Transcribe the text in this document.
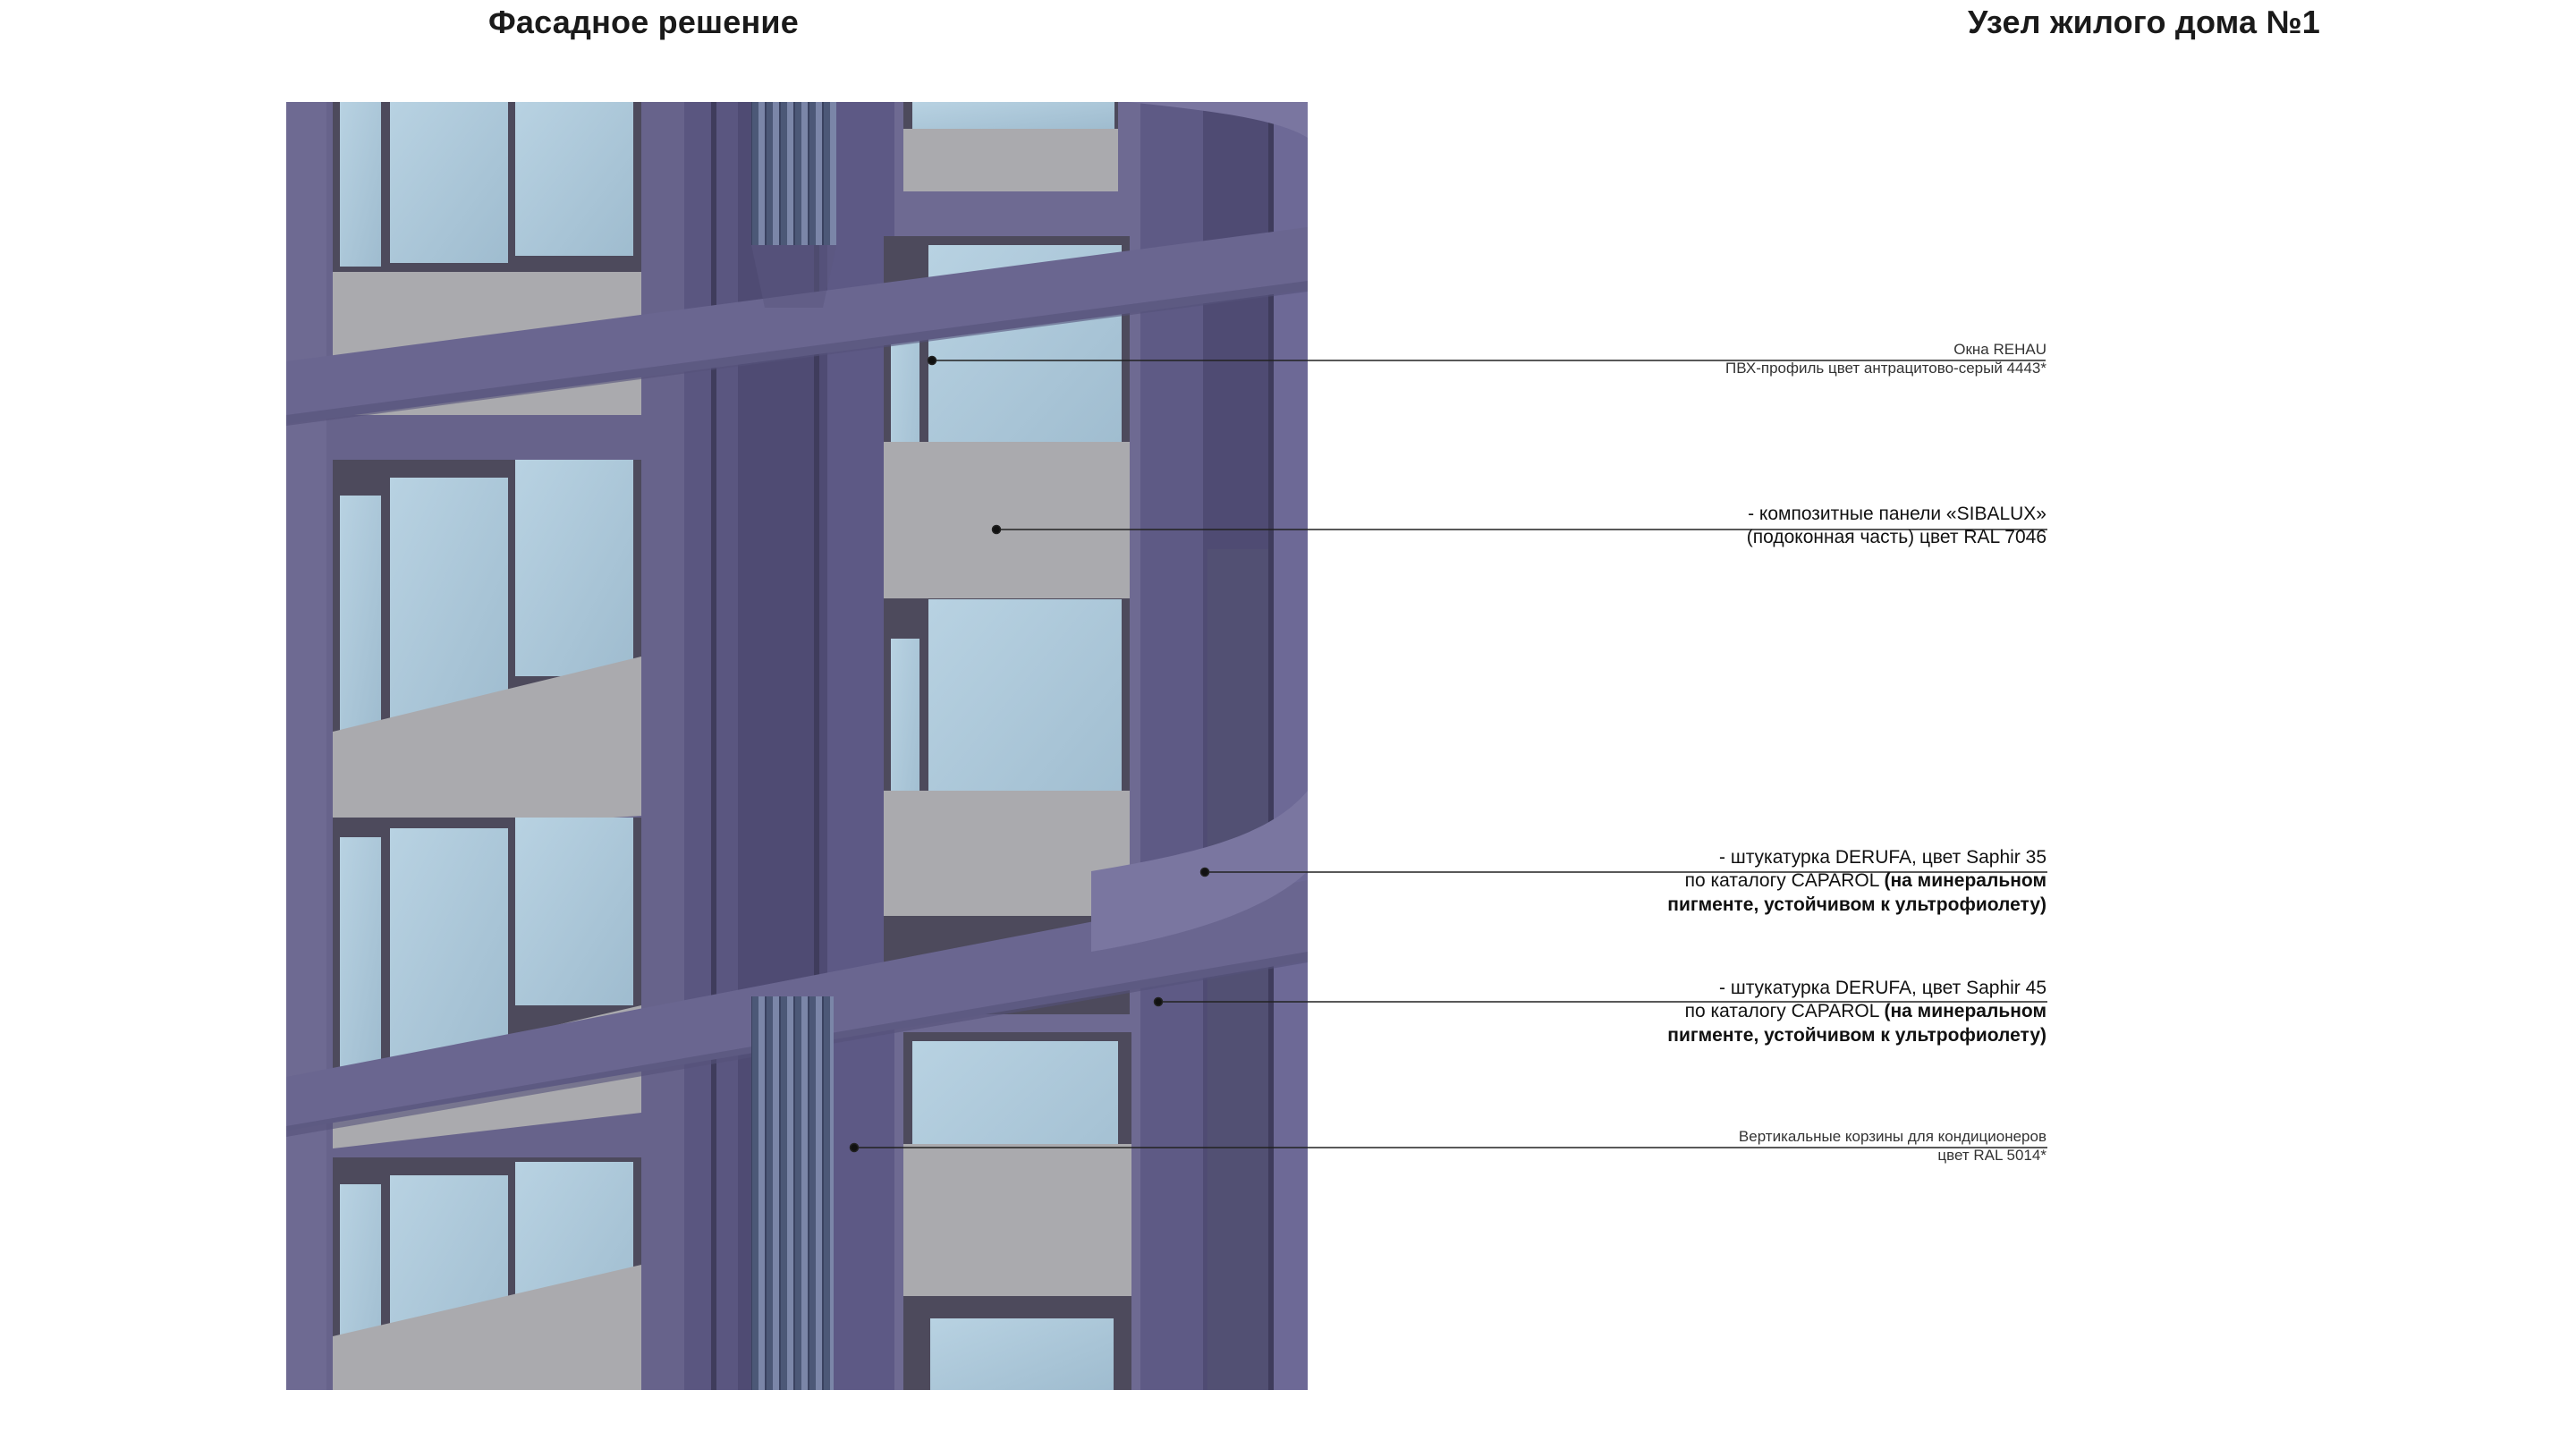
Фасадное решение	Узел жилого дома №1
Окна REHAU
ПВХ-профиль цвет антрацитово-серый 4443*
- композитные панели «SIBALUX»
(подоконная часть) цвет RAL 7046
- штукатурка DERUFA, цвет Saphir 35
по каталогу CAPAROL (на минеральном
пигменте, устойчивом к ультрофиолету)
- штукатурка DERUFA, цвет Saphir 45
по каталогу CAPAROL (на минеральном
пигменте, устойчивом к ультрофиолету)
Вертикальные корзины для кондиционеров
цвет RAL 5014*
